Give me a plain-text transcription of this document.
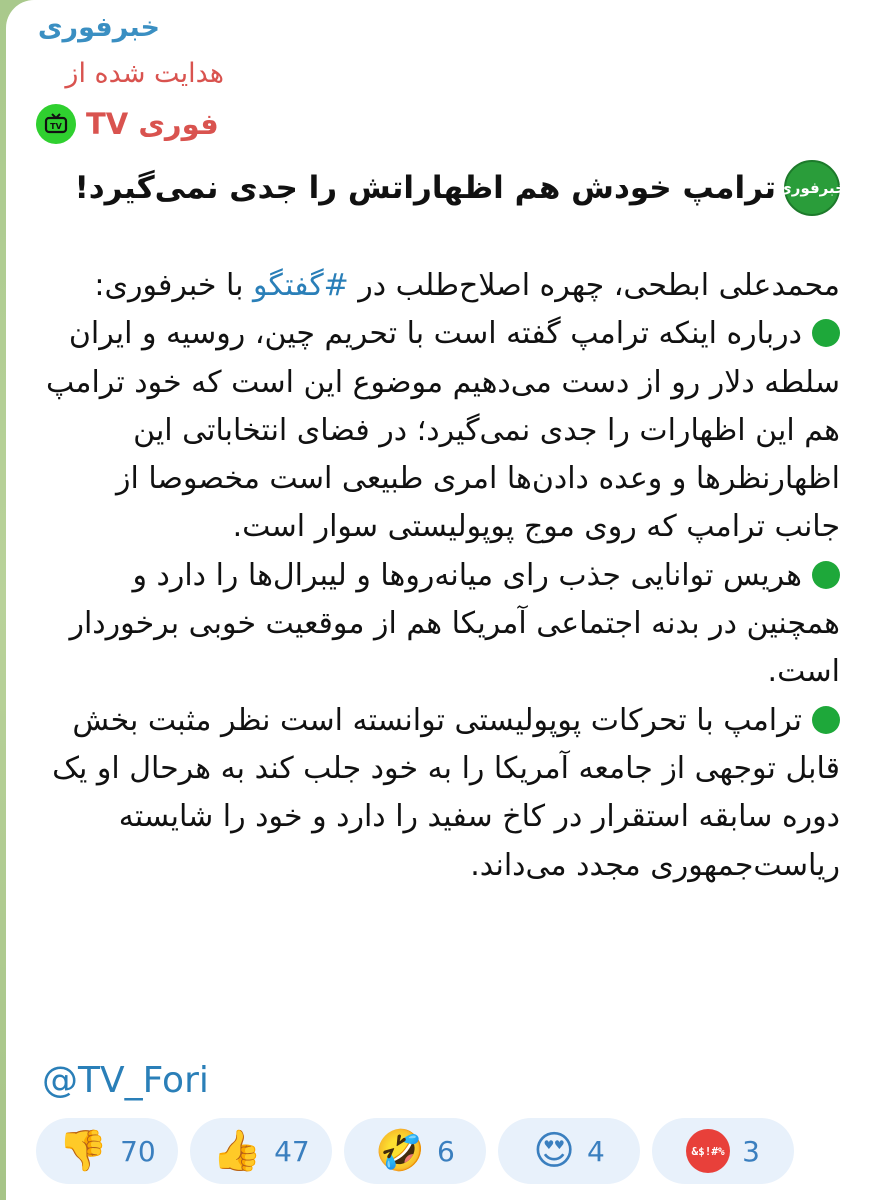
خبرفوری
هدایت شده از
TV فوری TV
خبرفوری
ترامپ خودش هم اظهاراتش را جدی نمی‌گیرد!

محمدعلی ابطحی، چهره اصلاح‌طلب در #گفتگو با خبرفوری:

درباره اینکه ترامپ گفته است با تحریم چین، روسیه و ایران سلطه دلار رو از دست می‌دهیم موضوع این است که خود ترامپ هم این اظهارات را جدی نمی‌گیرد؛ در فضای انتخاباتی این اظهارنظرها و وعده دادن‌ها امری طبیعی است مخصوصا از جانب ترامپ که روی موج پوپولیستی سوار است.

هریس توانایی جذب رای میانه‌روها و لیبرال‌ها را دارد و همچنین در بدنه اجتماعی آمریکا هم از موقعیت خوبی برخوردار است.

ترامپ با تحرکات پوپولیستی توانسته است نظر مثبت بخش قابل توجهی از جامعه آمریکا را به خود جلب کند به هرحال او یک دوره سابقه استقرار در کاخ سفید را دارد و خود را شایسته ریاست‌جمهوری مجدد می‌داند.

@TV_Fori
👎 70 👍 47 🤣 6 😍 4	&$!#% 3
